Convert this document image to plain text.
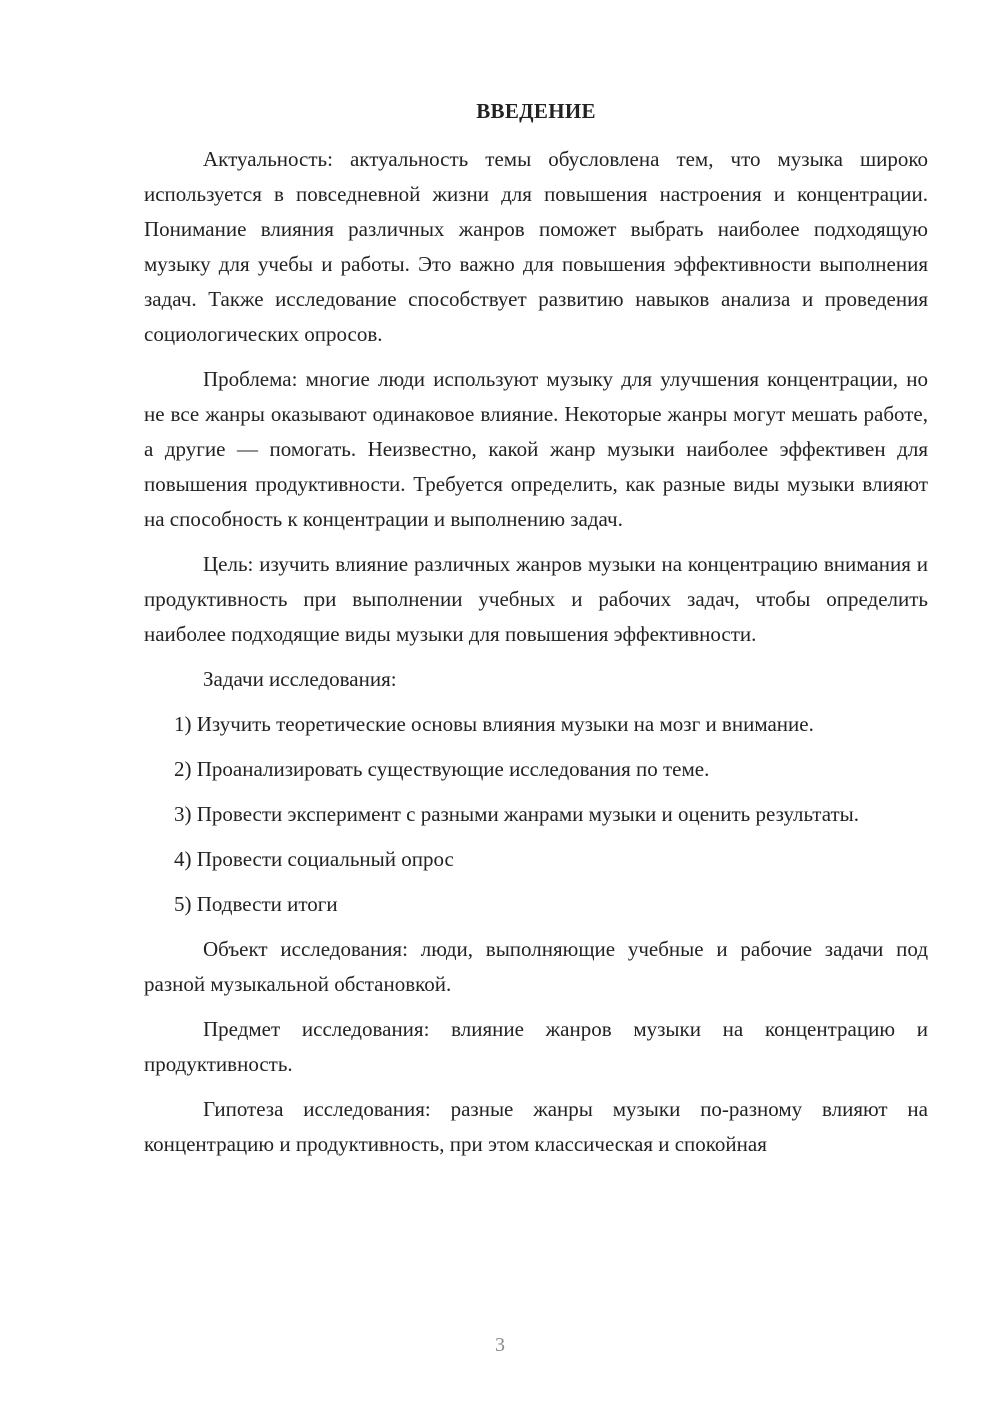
ВВЕДЕНИЕ

Актуальность: актуальность темы обусловлена тем, что музыка широко используется в повседневной жизни для повышения настроения и концентрации. Понимание влияния различных жанров поможет выбрать наиболее подходящую музыку для учебы и работы. Это важно для повышения эффективности выполнения задач. Также исследование способствует развитию навыков анализа и проведения социологических опросов.

Проблема: многие люди используют музыку для улучшения концентрации, но не все жанры оказывают одинаковое влияние. Некоторые жанры могут мешать работе, а другие — помогать. Неизвестно, какой жанр музыки наиболее эффективен для повышения продуктивности. Требуется определить, как разные виды музыки влияют на способность к концентрации и выполнению задач.

Цель: изучить влияние различных жанров музыки на концентрацию внимания и продуктивность при выполнении учебных и рабочих задач, чтобы определить наиболее подходящие виды музыки для повышения эффективности.

Задачи исследования:

1) Изучить теоретические основы влияния музыки на мозг и внимание.

2) Проанализировать существующие исследования по теме.

3) Провести эксперимент с разными жанрами музыки и оценить результаты.

4) Провести социальный опрос

5) Подвести итоги

Объект исследования: люди, выполняющие учебные и рабочие задачи под разной музыкальной обстановкой.

Предмет исследования: влияние жанров музыки на концентрацию и продуктивность.

Гипотеза исследования: разные жанры музыки по-разному влияют на концентрацию и продуктивность, при этом классическая и спокойная

3
